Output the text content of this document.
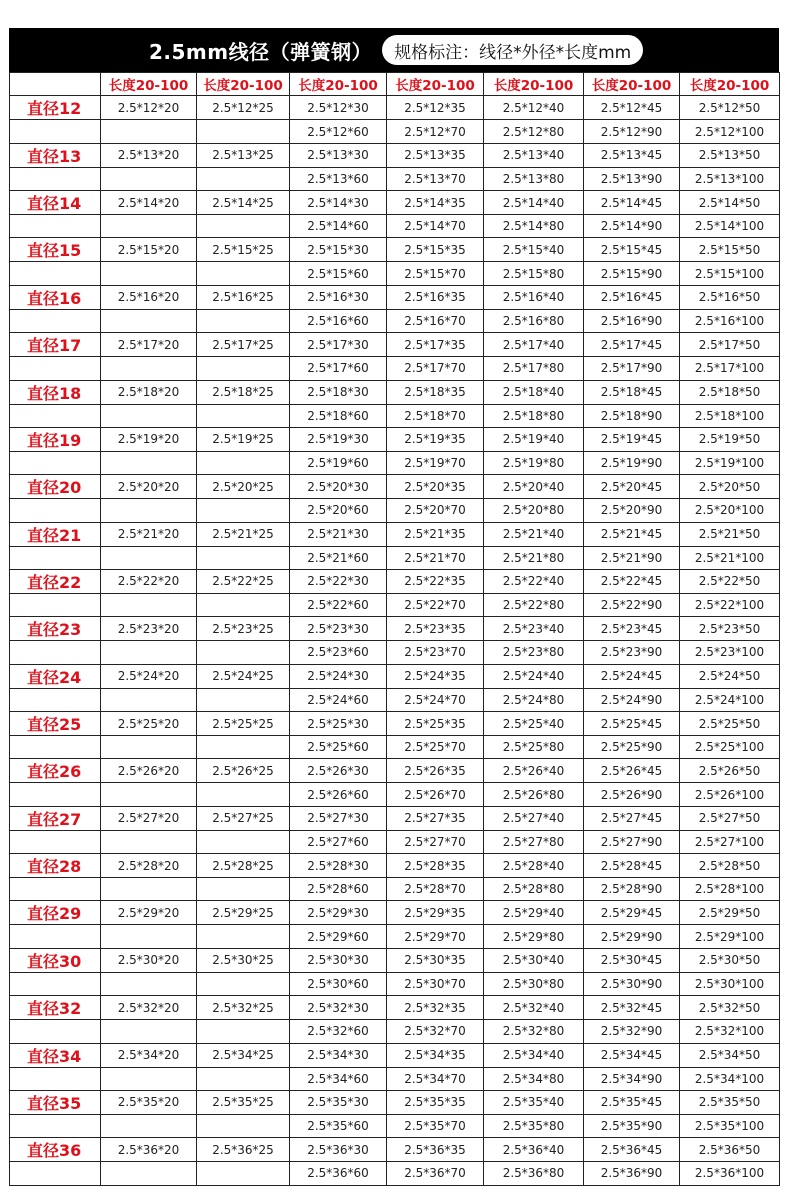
2.5mm线径（弹簧钢）	规格标注：线径*外径*长度mm
	长度20-100	长度20-100	长度20-100	长度20-100	长度20-100	长度20-100	长度20-100
直径12	2.5*12*20	2.5*12*25	2.5*12*30	2.5*12*35	2.5*12*40	2.5*12*45	2.5*12*50
			2.5*12*60	2.5*12*70	2.5*12*80	2.5*12*90	2.5*12*100
直径13	2.5*13*20	2.5*13*25	2.5*13*30	2.5*13*35	2.5*13*40	2.5*13*45	2.5*13*50
			2.5*13*60	2.5*13*70	2.5*13*80	2.5*13*90	2.5*13*100
直径14	2.5*14*20	2.5*14*25	2.5*14*30	2.5*14*35	2.5*14*40	2.5*14*45	2.5*14*50
			2.5*14*60	2.5*14*70	2.5*14*80	2.5*14*90	2.5*14*100
直径15	2.5*15*20	2.5*15*25	2.5*15*30	2.5*15*35	2.5*15*40	2.5*15*45	2.5*15*50
			2.5*15*60	2.5*15*70	2.5*15*80	2.5*15*90	2.5*15*100
直径16	2.5*16*20	2.5*16*25	2.5*16*30	2.5*16*35	2.5*16*40	2.5*16*45	2.5*16*50
			2.5*16*60	2.5*16*70	2.5*16*80	2.5*16*90	2.5*16*100
直径17	2.5*17*20	2.5*17*25	2.5*17*30	2.5*17*35	2.5*17*40	2.5*17*45	2.5*17*50
			2.5*17*60	2.5*17*70	2.5*17*80	2.5*17*90	2.5*17*100
直径18	2.5*18*20	2.5*18*25	2.5*18*30	2.5*18*35	2.5*18*40	2.5*18*45	2.5*18*50
			2.5*18*60	2.5*18*70	2.5*18*80	2.5*18*90	2.5*18*100
直径19	2.5*19*20	2.5*19*25	2.5*19*30	2.5*19*35	2.5*19*40	2.5*19*45	2.5*19*50
			2.5*19*60	2.5*19*70	2.5*19*80	2.5*19*90	2.5*19*100
直径20	2.5*20*20	2.5*20*25	2.5*20*30	2.5*20*35	2.5*20*40	2.5*20*45	2.5*20*50
			2.5*20*60	2.5*20*70	2.5*20*80	2.5*20*90	2.5*20*100
直径21	2.5*21*20	2.5*21*25	2.5*21*30	2.5*21*35	2.5*21*40	2.5*21*45	2.5*21*50
			2.5*21*60	2.5*21*70	2.5*21*80	2.5*21*90	2.5*21*100
直径22	2.5*22*20	2.5*22*25	2.5*22*30	2.5*22*35	2.5*22*40	2.5*22*45	2.5*22*50
			2.5*22*60	2.5*22*70	2.5*22*80	2.5*22*90	2.5*22*100
直径23	2.5*23*20	2.5*23*25	2.5*23*30	2.5*23*35	2.5*23*40	2.5*23*45	2.5*23*50
			2.5*23*60	2.5*23*70	2.5*23*80	2.5*23*90	2.5*23*100
直径24	2.5*24*20	2.5*24*25	2.5*24*30	2.5*24*35	2.5*24*40	2.5*24*45	2.5*24*50
			2.5*24*60	2.5*24*70	2.5*24*80	2.5*24*90	2.5*24*100
直径25	2.5*25*20	2.5*25*25	2.5*25*30	2.5*25*35	2.5*25*40	2.5*25*45	2.5*25*50
			2.5*25*60	2.5*25*70	2.5*25*80	2.5*25*90	2.5*25*100
直径26	2.5*26*20	2.5*26*25	2.5*26*30	2.5*26*35	2.5*26*40	2.5*26*45	2.5*26*50
			2.5*26*60	2.5*26*70	2.5*26*80	2.5*26*90	2.5*26*100
直径27	2.5*27*20	2.5*27*25	2.5*27*30	2.5*27*35	2.5*27*40	2.5*27*45	2.5*27*50
			2.5*27*60	2.5*27*70	2.5*27*80	2.5*27*90	2.5*27*100
直径28	2.5*28*20	2.5*28*25	2.5*28*30	2.5*28*35	2.5*28*40	2.5*28*45	2.5*28*50
			2.5*28*60	2.5*28*70	2.5*28*80	2.5*28*90	2.5*28*100
直径29	2.5*29*20	2.5*29*25	2.5*29*30	2.5*29*35	2.5*29*40	2.5*29*45	2.5*29*50
			2.5*29*60	2.5*29*70	2.5*29*80	2.5*29*90	2.5*29*100
直径30	2.5*30*20	2.5*30*25	2.5*30*30	2.5*30*35	2.5*30*40	2.5*30*45	2.5*30*50
			2.5*30*60	2.5*30*70	2.5*30*80	2.5*30*90	2.5*30*100
直径32	2.5*32*20	2.5*32*25	2.5*32*30	2.5*32*35	2.5*32*40	2.5*32*45	2.5*32*50
			2.5*32*60	2.5*32*70	2.5*32*80	2.5*32*90	2.5*32*100
直径34	2.5*34*20	2.5*34*25	2.5*34*30	2.5*34*35	2.5*34*40	2.5*34*45	2.5*34*50
			2.5*34*60	2.5*34*70	2.5*34*80	2.5*34*90	2.5*34*100
直径35	2.5*35*20	2.5*35*25	2.5*35*30	2.5*35*35	2.5*35*40	2.5*35*45	2.5*35*50
			2.5*35*60	2.5*35*70	2.5*35*80	2.5*35*90	2.5*35*100
直径36	2.5*36*20	2.5*36*25	2.5*36*30	2.5*36*35	2.5*36*40	2.5*36*45	2.5*36*50
			2.5*36*60	2.5*36*70	2.5*36*80	2.5*36*90	2.5*36*100
